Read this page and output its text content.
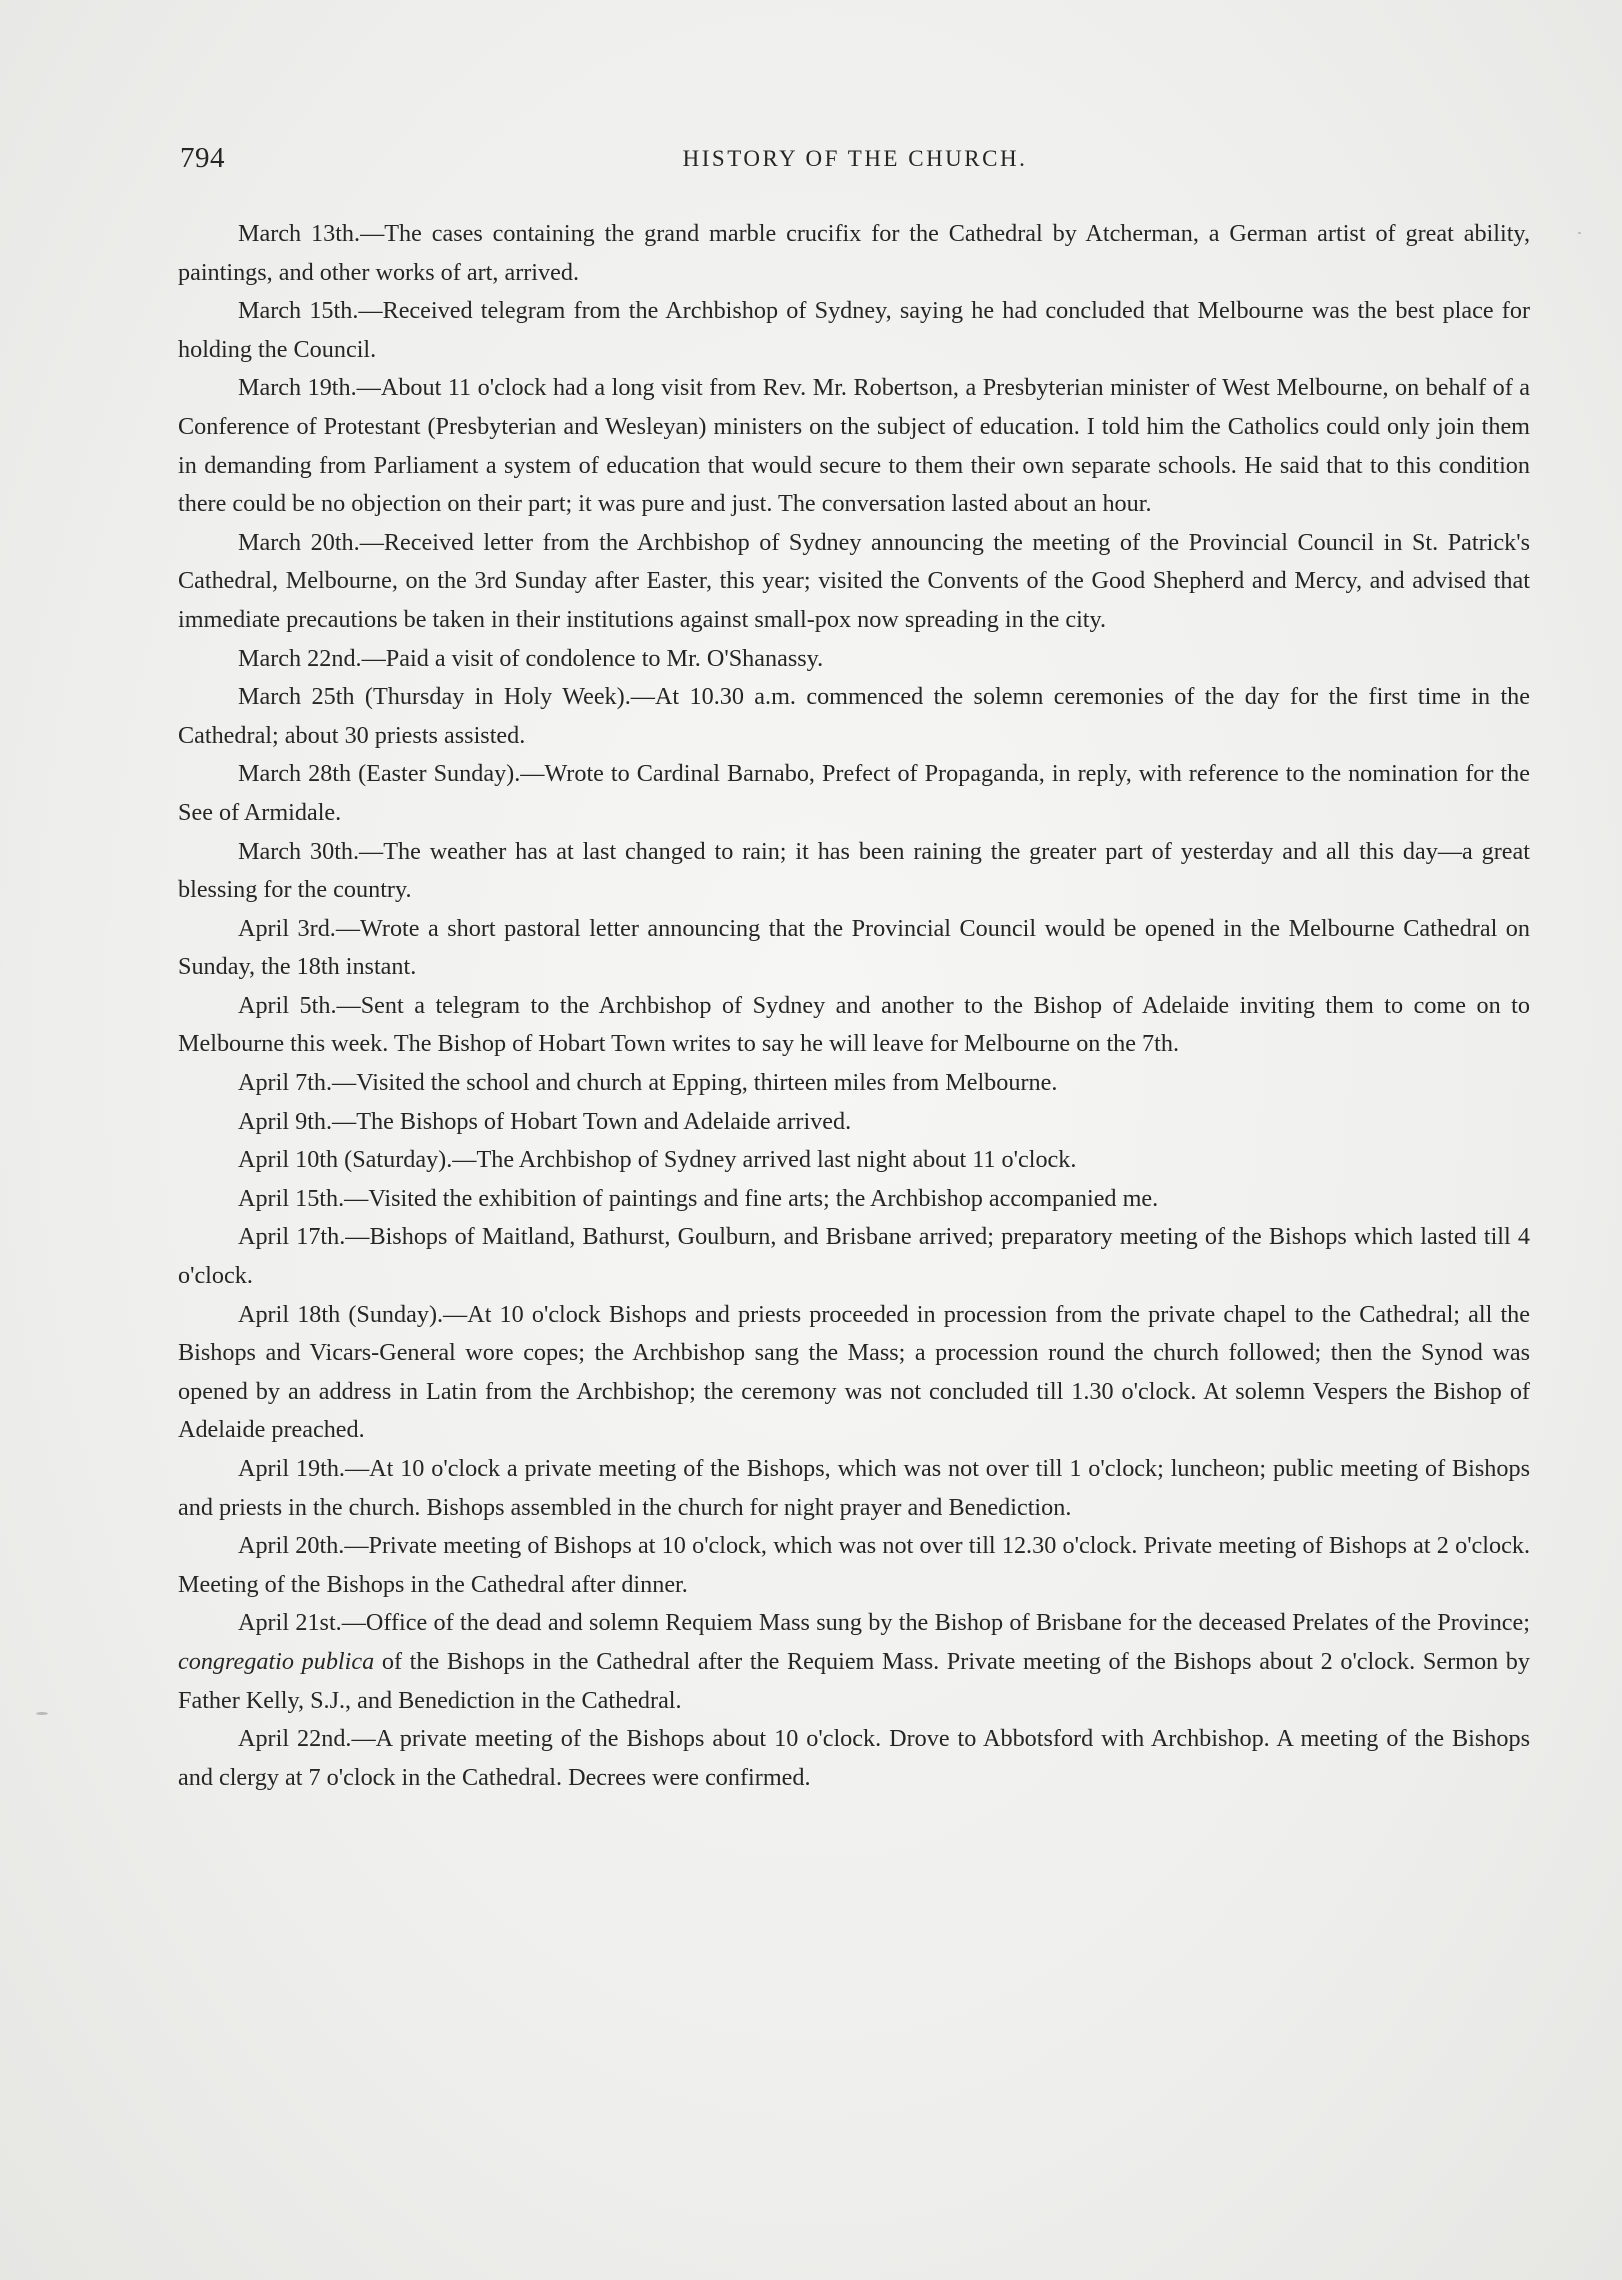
794	HISTORY OF THE CHURCH.

March 13th.—The cases containing the grand marble crucifix for the Cathedral by Atcherman, a German artist of great ability, paintings, and other works of art, arrived.

March 15th.—Received telegram from the Archbishop of Sydney, saying he had concluded that Melbourne was the best place for holding the Council.

March 19th.—About 11 o'clock had a long visit from Rev. Mr. Robertson, a Presbyterian minister of West Melbourne, on behalf of a Conference of Protestant (Presbyterian and Wesleyan) ministers on the subject of education. I told him the Catholics could only join them in demanding from Parliament a system of education that would secure to them their own separate schools. He said that to this condition there could be no objection on their part; it was pure and just. The conversation lasted about an hour.

March 20th.—Received letter from the Archbishop of Sydney announcing the meeting of the Provincial Council in St. Patrick's Cathedral, Melbourne, on the 3rd Sunday after Easter, this year; visited the Convents of the Good Shepherd and Mercy, and advised that immediate precautions be taken in their institutions against small-pox now spreading in the city.

March 22nd.—Paid a visit of condolence to Mr. O'Shanassy.

March 25th (Thursday in Holy Week).—At 10.30 a.m. commenced the solemn ceremonies of the day for the first time in the Cathedral; about 30 priests assisted.

March 28th (Easter Sunday).—Wrote to Cardinal Barnabo, Prefect of Propaganda, in reply, with reference to the nomination for the See of Armidale.

March 30th.—The weather has at last changed to rain; it has been raining the greater part of yesterday and all this day—a great blessing for the country.

April 3rd.—Wrote a short pastoral letter announcing that the Provincial Council would be opened in the Melbourne Cathedral on Sunday, the 18th instant.

April 5th.—Sent a telegram to the Archbishop of Sydney and another to the Bishop of Adelaide inviting them to come on to Melbourne this week. The Bishop of Hobart Town writes to say he will leave for Melbourne on the 7th.

April 7th.—Visited the school and church at Epping, thirteen miles from Melbourne.

April 9th.—The Bishops of Hobart Town and Adelaide arrived.

April 10th (Saturday).—The Archbishop of Sydney arrived last night about 11 o'clock.

April 15th.—Visited the exhibition of paintings and fine arts; the Archbishop accompanied me.

April 17th.—Bishops of Maitland, Bathurst, Goulburn, and Brisbane arrived; preparatory meeting of the Bishops which lasted till 4 o'clock.

April 18th (Sunday).—At 10 o'clock Bishops and priests proceeded in procession from the private chapel to the Cathedral; all the Bishops and Vicars-General wore copes; the Archbishop sang the Mass; a procession round the church followed; then the Synod was opened by an address in Latin from the Archbishop; the ceremony was not concluded till 1.30 o'clock. At solemn Vespers the Bishop of Adelaide preached.

April 19th.—At 10 o'clock a private meeting of the Bishops, which was not over till 1 o'clock; luncheon; public meeting of Bishops and priests in the church. Bishops assembled in the church for night prayer and Benediction.

April 20th.—Private meeting of Bishops at 10 o'clock, which was not over till 12.30 o'clock. Private meeting of Bishops at 2 o'clock. Meeting of the Bishops in the Cathedral after dinner.

April 21st.—Office of the dead and solemn Requiem Mass sung by the Bishop of Brisbane for the deceased Prelates of the Province; congregatio publica of the Bishops in the Cathedral after the Requiem Mass. Private meeting of the Bishops about 2 o'clock. Sermon by Father Kelly, S.J., and Benediction in the Cathedral.

April 22nd.—A private meeting of the Bishops about 10 o'clock. Drove to Abbotsford with Archbishop. A meeting of the Bishops and clergy at 7 o'clock in the Cathedral. Decrees were confirmed.
